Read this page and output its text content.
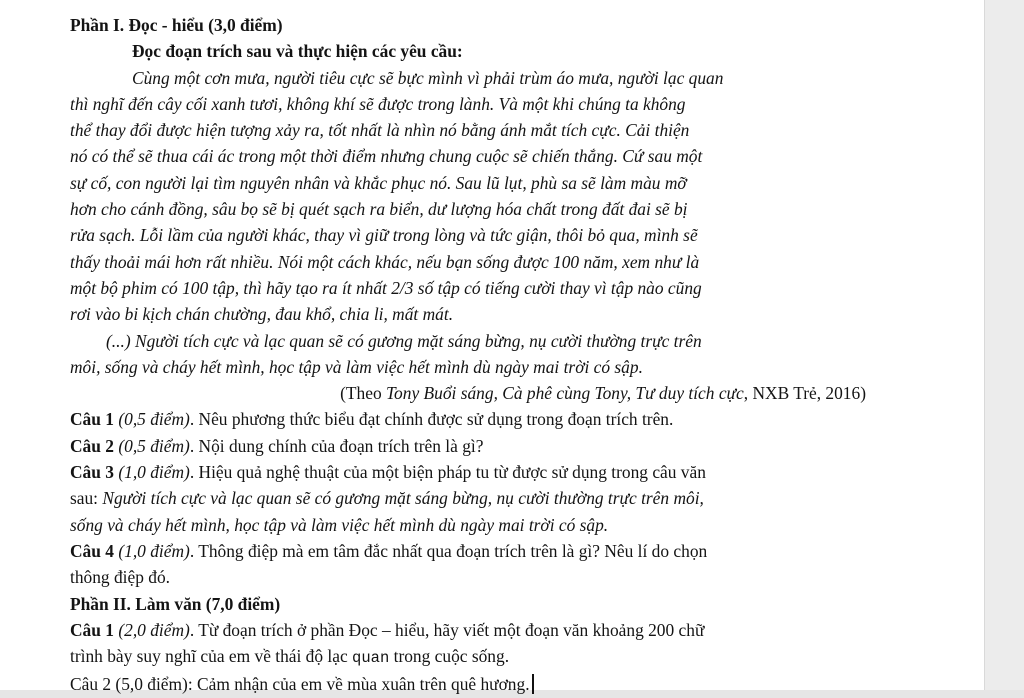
Phần I. Đọc - hiểu (3,0 điểm)
Đọc đoạn trích sau và thực hiện các yêu cầu:
Cùng một cơn mưa, người tiêu cực sẽ bực mình vì phải trùm áo mưa, người lạc quan
thì nghĩ đến cây cối xanh tươi, không khí sẽ được trong lành. Và một khi chúng ta không
thể thay đổi được hiện tượng xảy ra, tốt nhất là nhìn nó bằng ánh mắt tích cực. Cải thiện
nó có thể sẽ thua cái ác trong một thời điểm nhưng chung cuộc sẽ chiến thắng. Cứ sau một
sự cố, con người lại tìm nguyên nhân và khắc phục nó. Sau lũ lụt, phù sa sẽ làm màu mỡ
hơn cho cánh đồng, sâu bọ sẽ bị quét sạch ra biển, dư lượng hóa chất trong đất đai sẽ bị
rửa sạch. Lỗi lầm của người khác, thay vì giữ trong lòng và tức giận, thôi bỏ qua, mình sẽ
thấy thoải mái hơn rất nhiều. Nói một cách khác, nếu bạn sống được 100 năm, xem như là
một bộ phim có 100 tập, thì hãy tạo ra ít nhất 2/3 số tập có tiếng cười thay vì tập nào cũng
rơi vào bi kịch chán chường, đau khổ, chia li, mất mát.
(...) Người tích cực và lạc quan sẽ có gương mặt sáng bừng, nụ cười thường trực trên
môi, sống và cháy hết mình, học tập và làm việc hết mình dù ngày mai trời có sập.
(Theo Tony Buổi sáng, Cà phê cùng Tony, Tư duy tích cực, NXB Trẻ, 2016)
Câu 1 (0,5 điểm). Nêu phương thức biểu đạt chính được sử dụng trong đoạn trích trên.
Câu 2 (0,5 điểm). Nội dung chính của đoạn trích trên là gì?
Câu 3 (1,0 điểm). Hiệu quả nghệ thuật của một biện pháp tu từ được sử dụng trong câu văn
sau: Người tích cực và lạc quan sẽ có gương mặt sáng bừng, nụ cười thường trực trên môi,
sống và cháy hết mình, học tập và làm việc hết mình dù ngày mai trời có sập.
Câu 4 (1,0 điểm). Thông điệp mà em tâm đắc nhất qua đoạn trích trên là gì? Nêu lí do chọn
thông điệp đó.
Phần II. Làm văn (7,0 điểm)
Câu 1 (2,0 điểm). Từ đoạn trích ở phần Đọc – hiểu, hãy viết một đoạn văn khoảng 200 chữ
trình bày suy nghĩ của em về thái độ lạc quan trong cuộc sống.
Câu 2 (5,0 điểm): Cảm nhận của em về mùa xuân trên quê hương.
